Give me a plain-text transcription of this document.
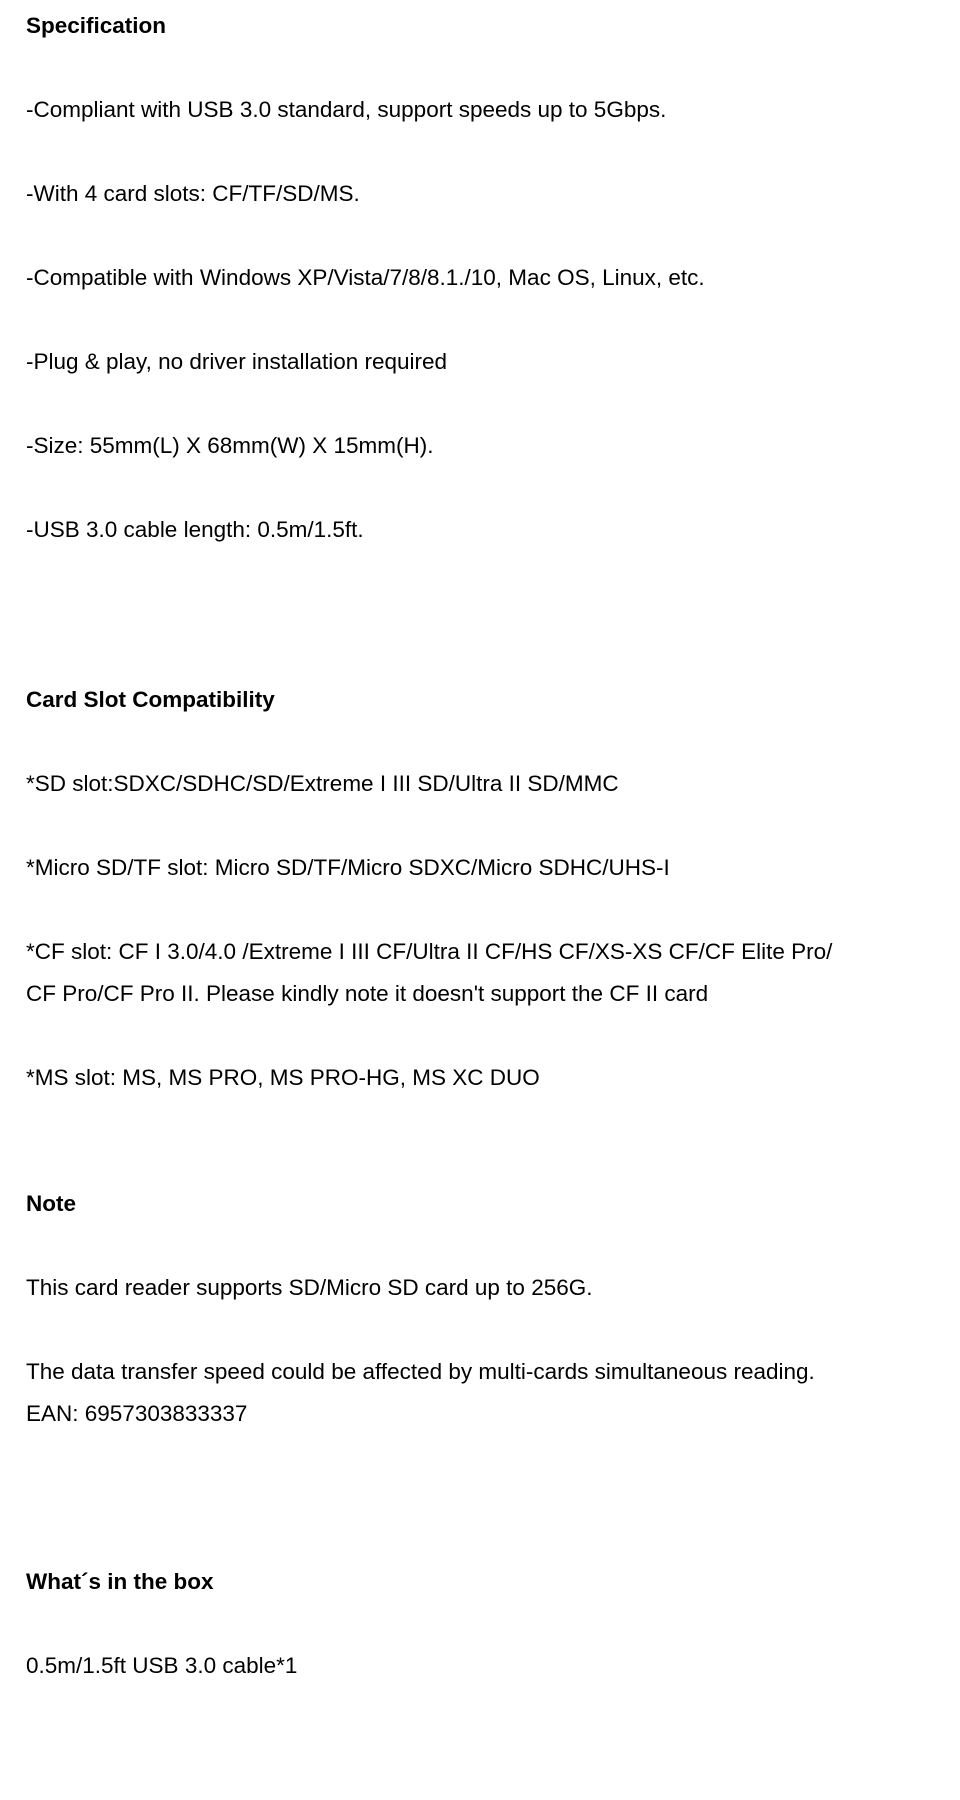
Specification
-Compliant with USB 3.0 standard, support speeds up to 5Gbps.
-With 4 card slots: CF/TF/SD/MS.
-Compatible with Windows XP/Vista/7/8/8.1./10, Mac OS, Linux, etc.
-Plug & play, no driver installation required
-Size: 55mm(L) X 68mm(W) X 15mm(H).
-USB 3.0 cable length: 0.5m/1.5ft.
Card Slot Compatibility
*SD slot:SDXC/SDHC/SD/Extreme I III SD/Ultra II SD/MMC
*Micro SD/TF slot: Micro SD/TF/Micro SDXC/Micro SDHC/UHS-I
*CF slot: CF I 3.0/4.0 /Extreme I III CF/Ultra II CF/HS CF/XS-XS CF/CF Elite Pro/
CF Pro/CF Pro II. Please kindly note it doesn't support the CF II card
*MS slot: MS, MS PRO, MS PRO-HG, MS XC DUO
Note
This card reader supports SD/Micro SD card up to 256G.
The data transfer speed could be affected by multi-cards simultaneous reading.
EAN: 6957303833337
What´s in the box
0.5m/1.5ft USB 3.0 cable*1
